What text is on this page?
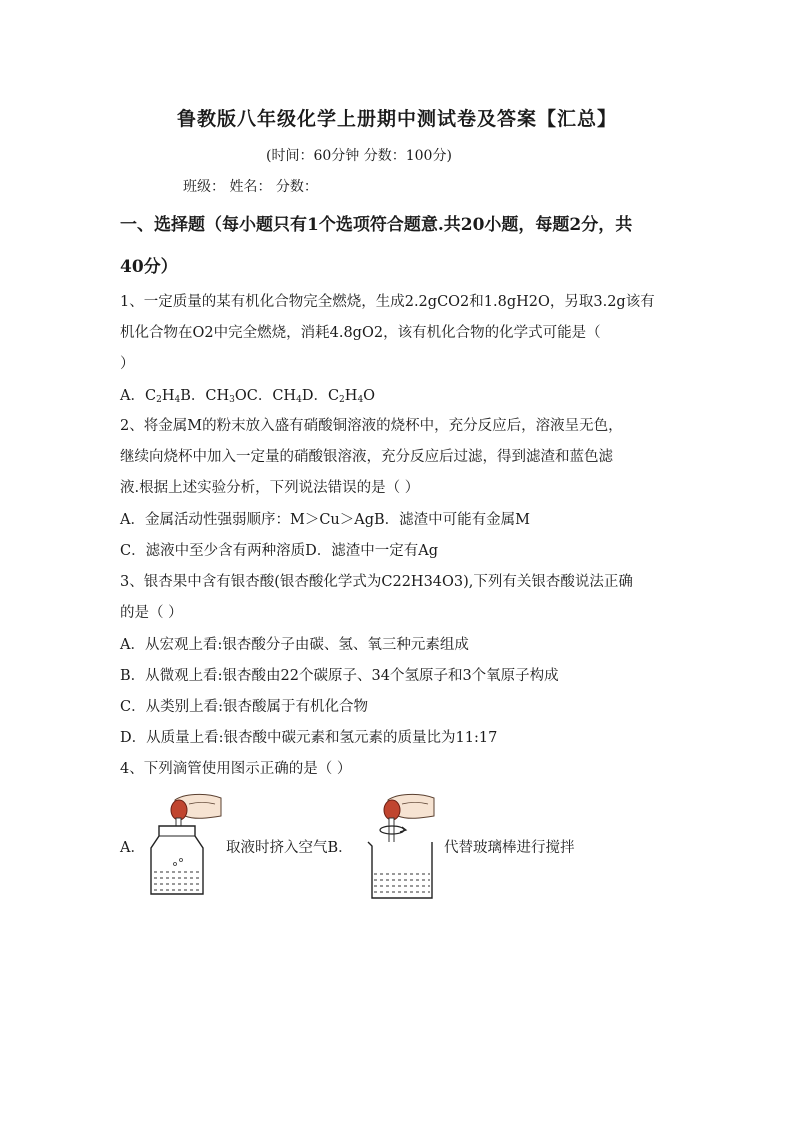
鲁教版八年级化学上册期中测试卷及答案【汇总】
(时间：60分钟 分数：100分)
班级： 姓名： 分数：
一、选择题（每小题只有1个选项符合题意.共20小题，每题2分，共
40分）
1、一定质量的某有机化合物完全燃烧，生成2.2gCO2和1.8gH2O，另取3.2g该有
机化合物在O2中完全燃烧，消耗4.8gO2，该有机化合物的化学式可能是（
）
A．$C_2H_4B$．$CH_3OC$．$CH_4D$．$C_2H_4O$
2、将金属M的粉末放入盛有硝酸铜溶液的烧杯中，充分反应后，溶液呈无色，
继续向烧杯中加入一定量的硝酸银溶液，充分反应后过滤，得到滤渣和蓝色滤
液.根据上述实验分析，下列说法错误的是（ ）
A．金属活动性强弱顺序：M＞Cu＞AgB．滤渣中可能有金属M
C．滤液中至少含有两种溶质D．滤渣中一定有Ag
3、银杏果中含有银杏酸(银杏酸化学式为C22H34O3),下列有关银杏酸说法正确
的是（ ）
A．从宏观上看:银杏酸分子由碳、氢、氧三种元素组成
B．从微观上看:银杏酸由22个碳原子、34个氢原子和3个氧原子构成
C．从类别上看:银杏酸属于有机化合物
D．从质量上看:银杏酸中碳元素和氢元素的质量比为11:17
4、下列滴管使用图示正确的是（ ）
A．	取液时挤入空气B．	代替玻璃棒进行搅拌
